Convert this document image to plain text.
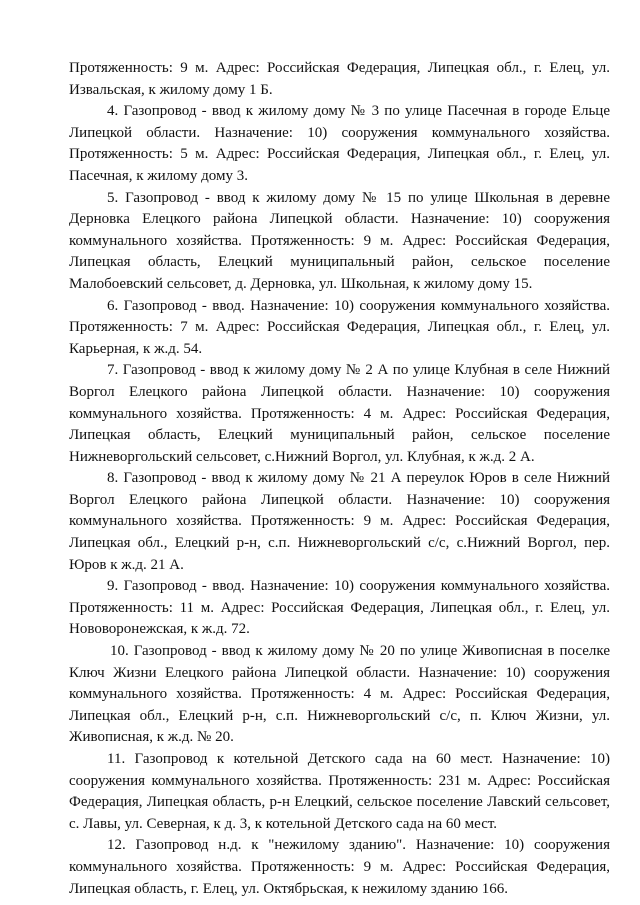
Протяженность: 9 м. Адрес: Российская Федерация, Липецкая обл., г. Елец, ул. Извальская, к жилому дому 1 Б.

4. Газопровод - ввод к жилому дому № 3 по улице Пасечная в городе Ельце Липецкой области. Назначение: 10) сооружения коммунального хозяйства. Протяженность: 5 м. Адрес: Российская Федерация, Липецкая обл., г. Елец, ул. Пасечная, к жилому дому 3.

5. Газопровод - ввод к жилому дому № 15 по улице Школьная в деревне Дерновка Елецкого района Липецкой области. Назначение: 10) сооружения коммунального хозяйства. Протяженность: 9 м. Адрес: Российская Федерация, Липецкая область, Елецкий муниципальный район, сельское поселение Малобоевский сельсовет, д. Дерновка, ул. Школьная, к жилому дому 15.

6. Газопровод - ввод. Назначение: 10) сооружения коммунального хозяйства. Протяженность: 7 м. Адрес: Российская Федерация, Липецкая обл., г. Елец, ул. Карьерная, к ж.д. 54.

7. Газопровод - ввод к жилому дому № 2 А по улице Клубная в селе Нижний Воргол Елецкого района Липецкой области. Назначение: 10) сооружения коммунального хозяйства. Протяженность: 4 м. Адрес: Российская Федерация, Липецкая область, Елецкий муниципальный район, сельское поселение Нижневоргольский сельсовет, с.Нижний Воргол, ул. Клубная, к ж.д. 2 А.

8. Газопровод - ввод к жилому дому № 21 А переулок Юров в селе Нижний Воргол Елецкого района Липецкой области. Назначение: 10) сооружения коммунального хозяйства. Протяженность: 9 м. Адрес: Российская Федерация, Липецкая обл., Елецкий р-н, с.п. Нижневоргольский с/с, с.Нижний Воргол, пер. Юров к ж.д. 21 А.

9. Газопровод - ввод. Назначение: 10) сооружения коммунального хозяйства. Протяженность: 11 м. Адрес: Российская Федерация, Липецкая обл., г. Елец, ул. Нововоронежская, к ж.д. 72.

10. Газопровод - ввод к жилому дому № 20 по улице Живописная в поселке Ключ Жизни Елецкого района Липецкой области. Назначение: 10) сооружения коммунального хозяйства. Протяженность: 4 м. Адрес: Российская Федерация, Липецкая обл., Елецкий р-н, с.п. Нижневоргольский с/с, п. Ключ Жизни, ул. Живописная, к ж.д. № 20.

11. Газопровод к котельной Детского сада на 60 мест. Назначение: 10) сооружения коммунального хозяйства. Протяженность: 231 м. Адрес: Российская Федерация, Липецкая область, р-н Елецкий, сельское поселение Лавский сельсовет, с. Лавы, ул. Северная, к д. 3, к котельной Детского сада на 60 мест.

12. Газопровод н.д. к "нежилому зданию". Назначение: 10) сооружения коммунального хозяйства. Протяженность: 9 м. Адрес: Российская Федерация, Липецкая область, г. Елец, ул. Октябрьская, к нежилому зданию 166.
